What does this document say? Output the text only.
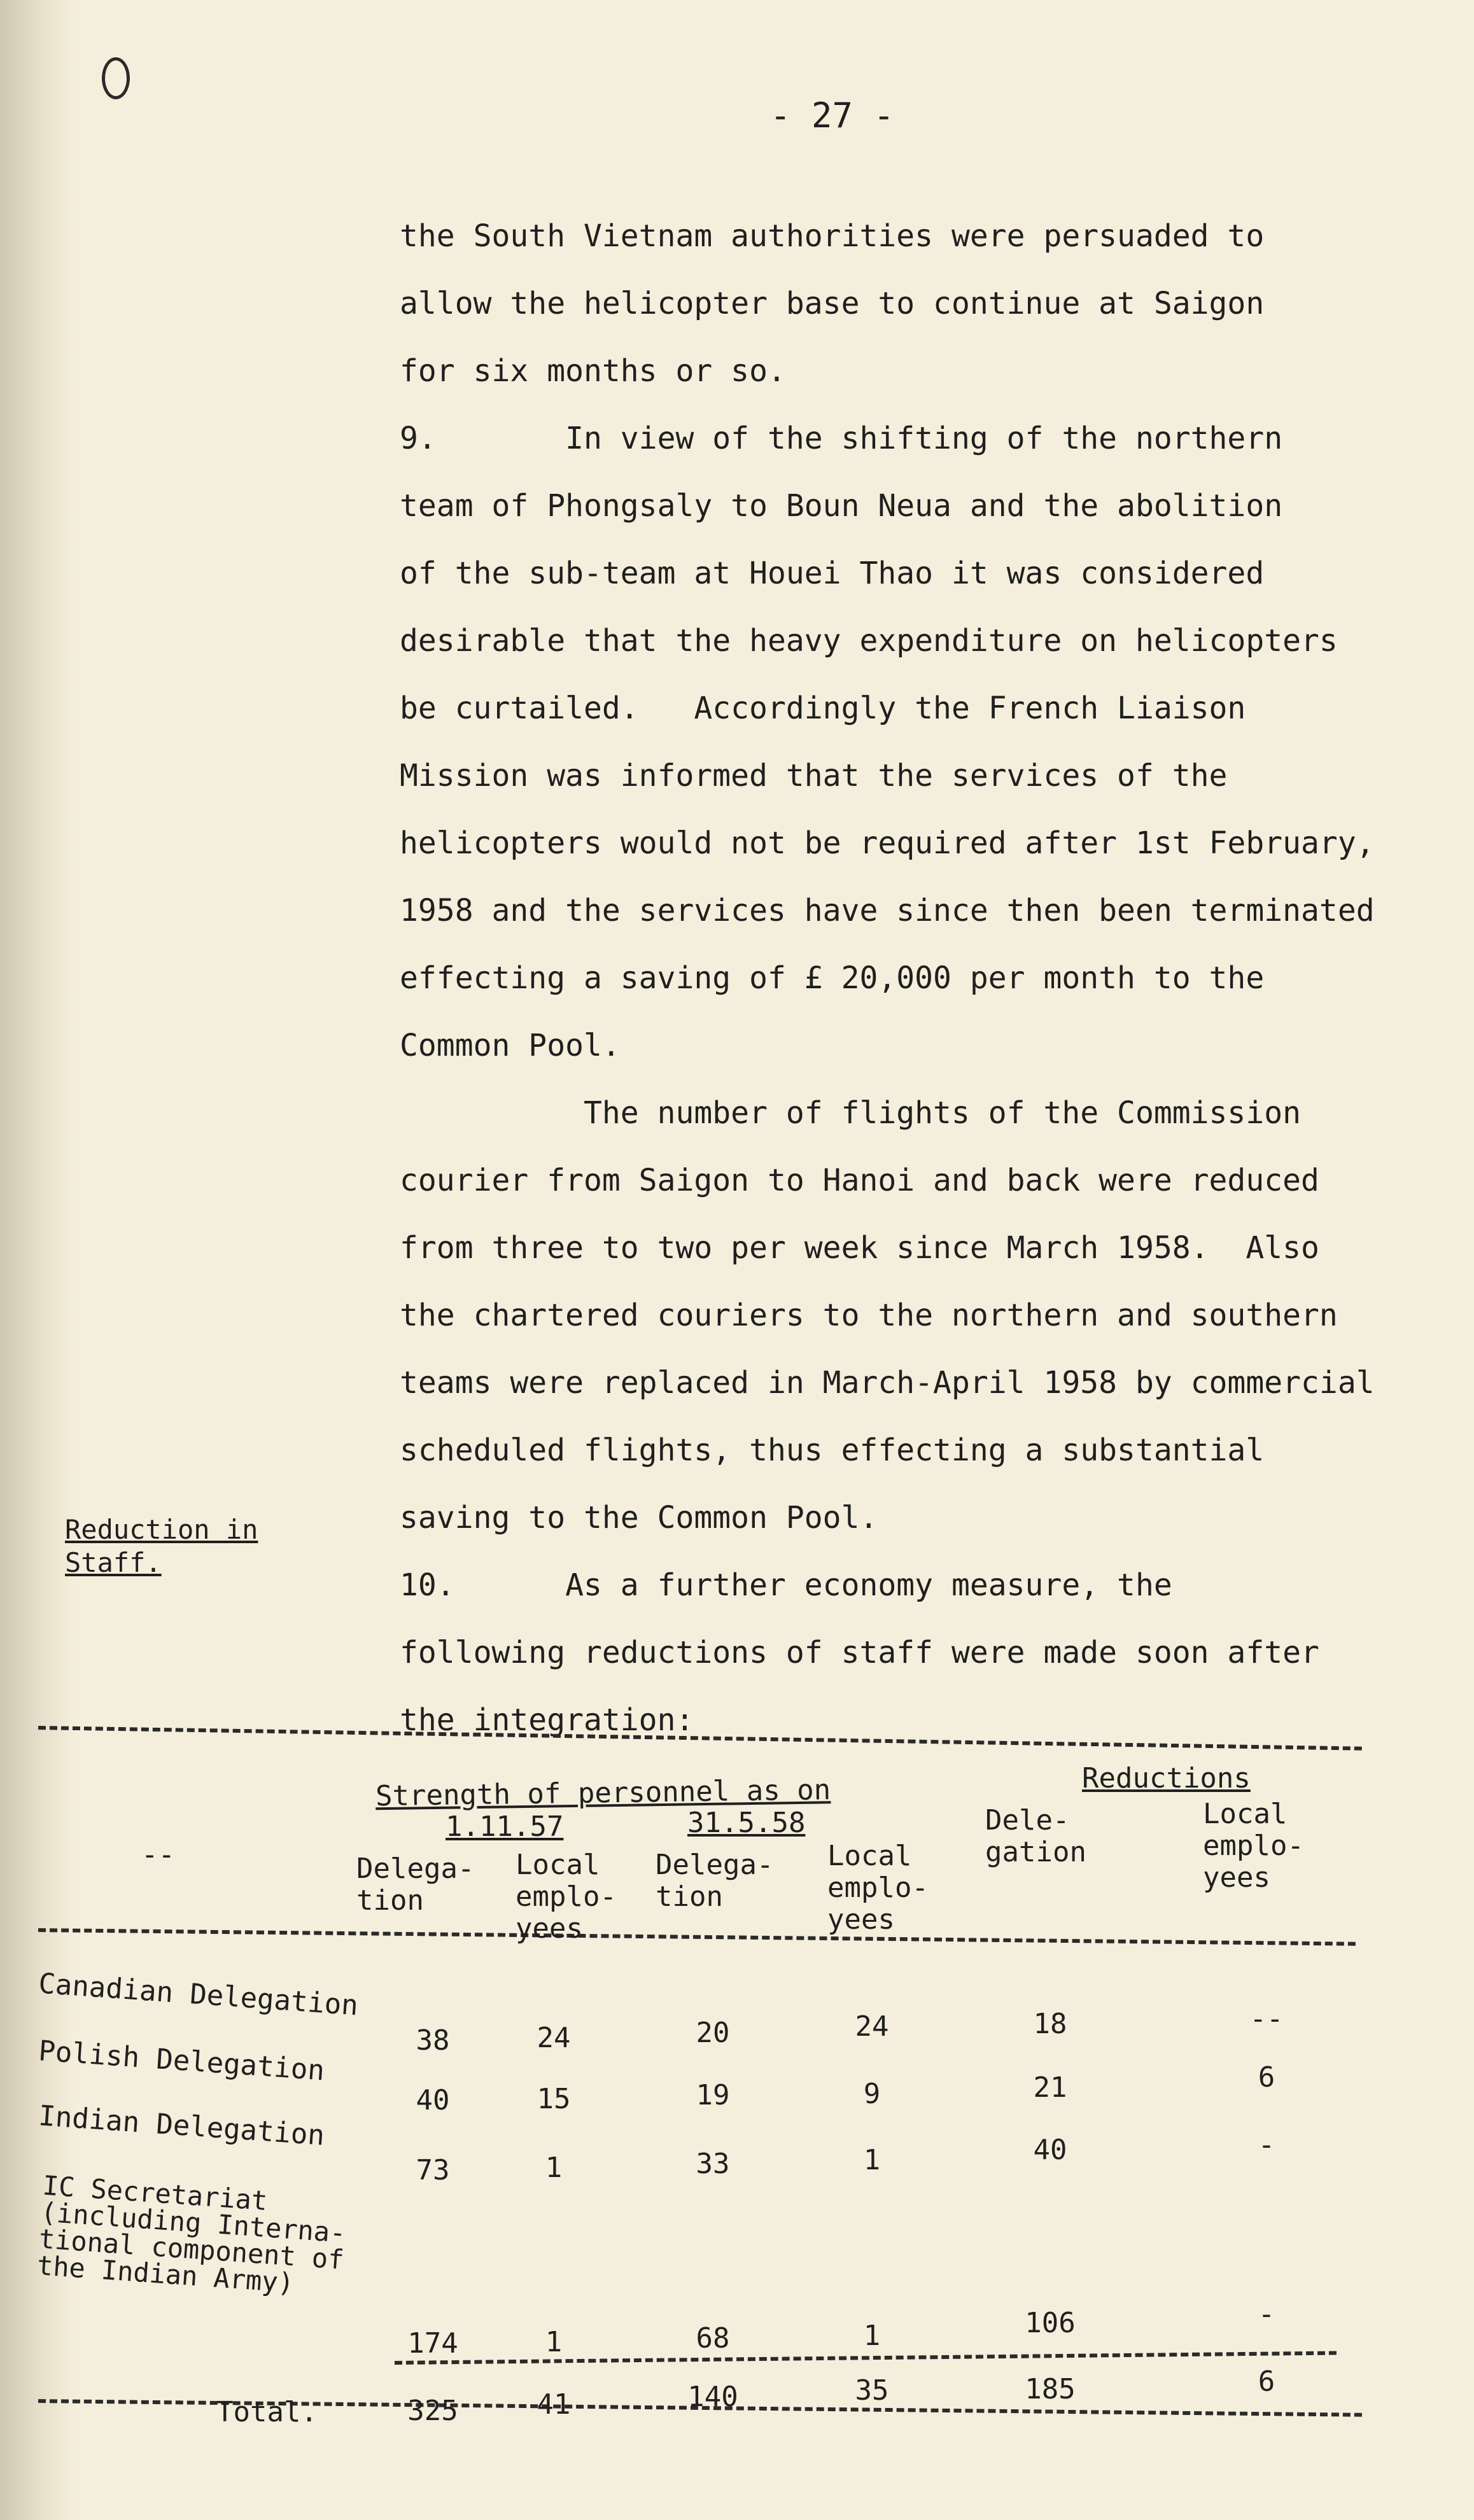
- 27 -
the South Vietnam authorities were persuaded to
allow the helicopter base to continue at Saigon
for six months or so.
9.       In view of the shifting of the northern
team of Phongsaly to Boun Neua and the abolition
of the sub-team at Houei Thao it was considered
desirable that the heavy expenditure on helicopters
be curtailed.   Accordingly the French Liaison
Mission was informed that the services of the
helicopters would not be required after 1st February,
1958 and the services have since then been terminated
effecting a saving of £ 20,000 per month to the
Common Pool.
The number of flights of the Commission
courier from Saigon to Hanoi and back were reduced
from three to two per week since March 1958.  Also
the chartered couriers to the northern and southern
teams were replaced in March-April 1958 by commercial
scheduled flights, thus effecting a substantial
saving to the Common Pool.
10.      As a further economy measure, the
following reductions of staff were made soon after
the integration:
Reduction in
Staff.
--
Strength of personnel as on
1.11.57	31.5.58
Reductions
Delega-
tion
Local
emplo-
yees
Delega-
tion
Local
emplo-
yees
Dele-
gation
Local
emplo-
yees
Canadian Delegation
38	24	20	24	18	--
Polish Delegation
40	15	19	9	21	6
Indian Delegation
73	1	33	1	40	-
IC Secretariat
(including Interna-
tional component of
the Indian Army)
174	1	68	1	106	-
Total.	325	41	140	35	185	6
